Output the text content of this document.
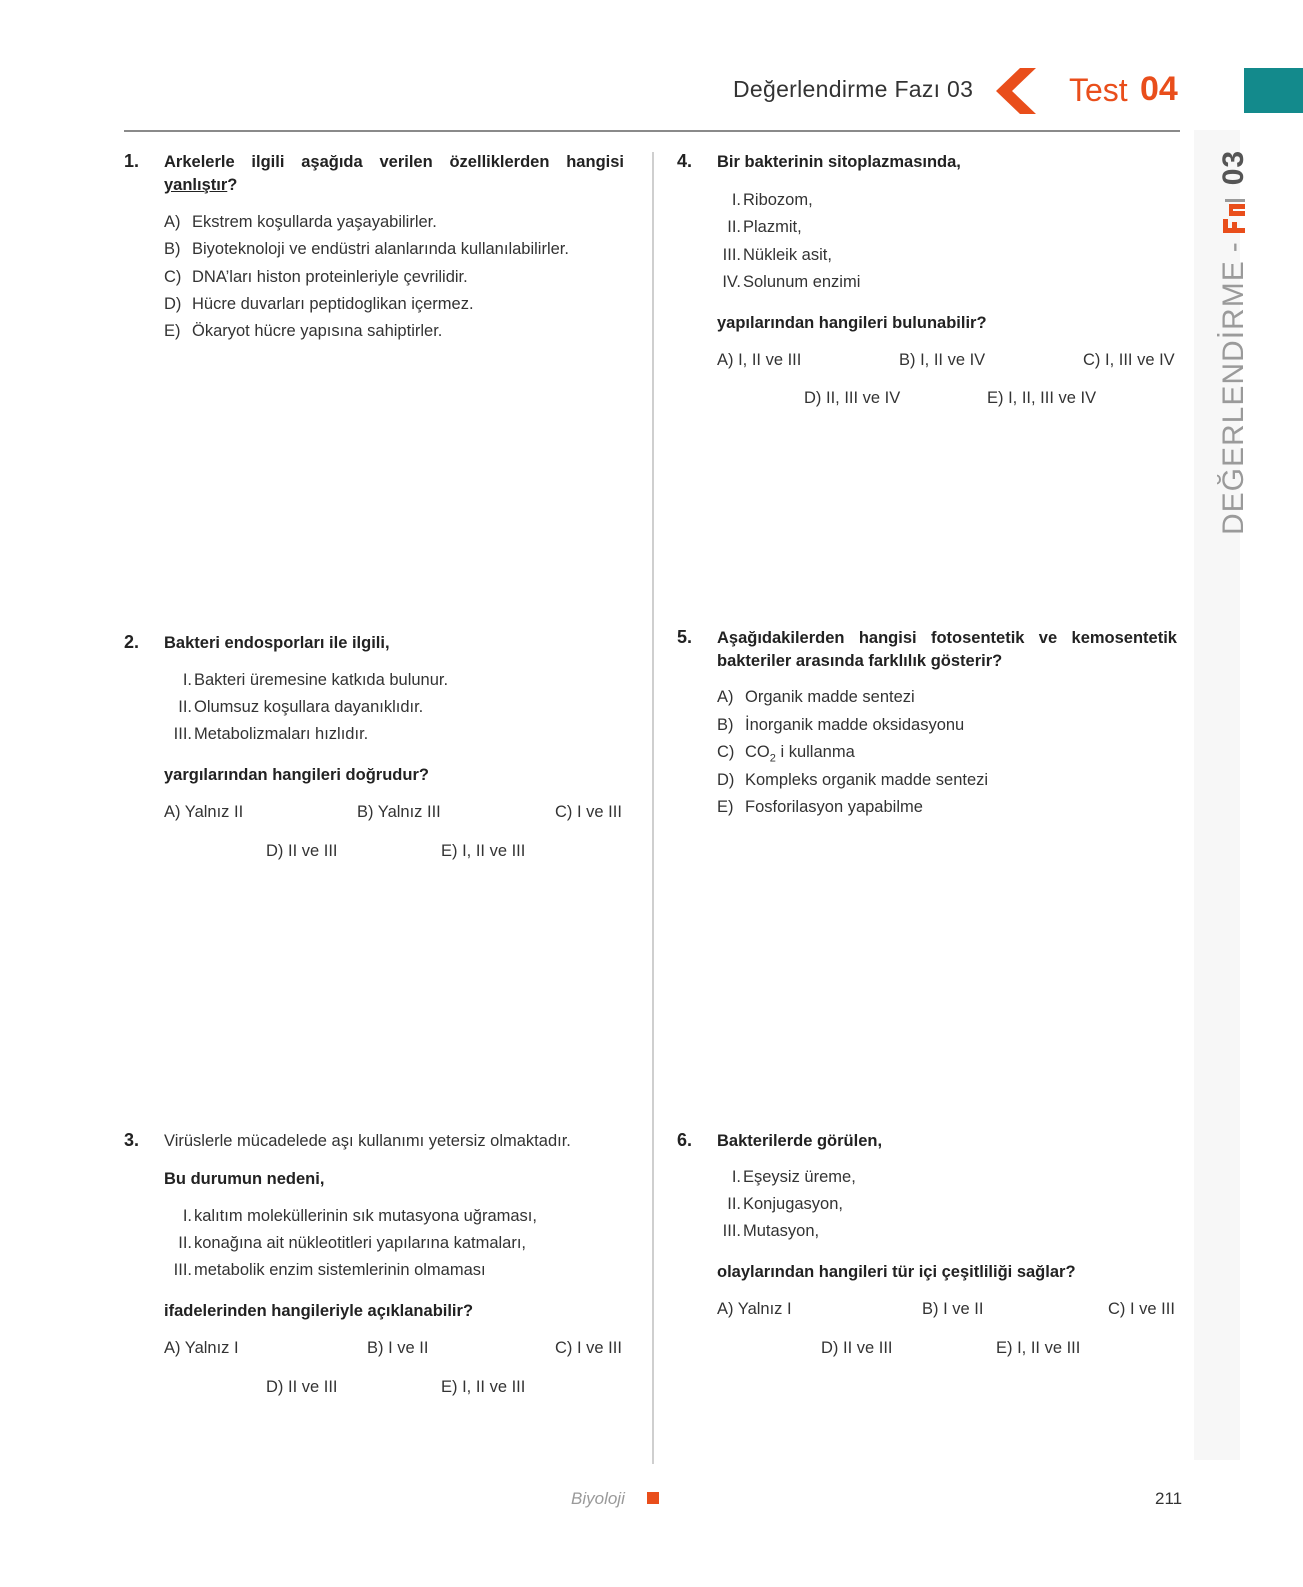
Değerlendirme Fazı 03	Test 04
DEĞERLENDİRME
-
03
1. Arkelerle ilgili aşağıda verilen özelliklerden hangisi yanlıştır?
A) Ekstrem koşullarda yaşayabilirler.
B) Biyoteknoloji ve endüstri alanlarında kullanılabilirler.
C) DNA’ları histon proteinleriyle çevrilidir.
D) Hücre duvarları peptidoglikan içermez.
E) Ökaryot hücre yapısına sahiptirler.
2. Bakteri endosporları ile ilgili,
I. Bakteri üremesine katkıda bulunur.
II. Olumsuz koşullara dayanıklıdır.
III. Metabolizmaları hızlıdır.
yargılarından hangileri doğrudur?
A) Yalnız II	B) Yalnız III	C) I ve III
D) II ve III	E) I, II ve III
3. Virüslerle mücadelede aşı kullanımı yetersiz olmaktadır.
Bu durumun nedeni,
I. kalıtım moleküllerinin sık mutasyona uğraması,
II. konağına ait nükleotitleri yapılarına katmaları,
III. metabolik enzim sistemlerinin olmaması
ifadelerinden hangileriyle açıklanabilir?
A) Yalnız I	B) I ve II	C) I ve III
D) II ve III	E) I, II ve III
4. Bir bakterinin sitoplazmasında,
I. Ribozom,
II. Plazmit,
III. Nükleik asit,
IV. Solunum enzimi
yapılarından hangileri bulunabilir?
A) I, II ve III	B) I, II ve IV	C) I, III ve IV
D) II, III ve IV	E) I, II, III ve IV
5. Aşağıdakilerden hangisi fotosentetik ve kemosentetik bakteriler arasında farklılık gösterir?
A) Organik madde sentezi
B) İnorganik madde oksidasyonu
C) $CO_2$ i kullanma
D) Kompleks organik madde sentezi
E) Fosforilasyon yapabilme
6. Bakterilerde görülen,
I. Eşeysiz üreme,
II. Konjugasyon,
III. Mutasyon,
olaylarından hangileri tür içi çeşitliliği sağlar?
A) Yalnız I	B) I ve II	C) I ve III
D) II ve III	E) I, II ve III
Biyoloji	211
